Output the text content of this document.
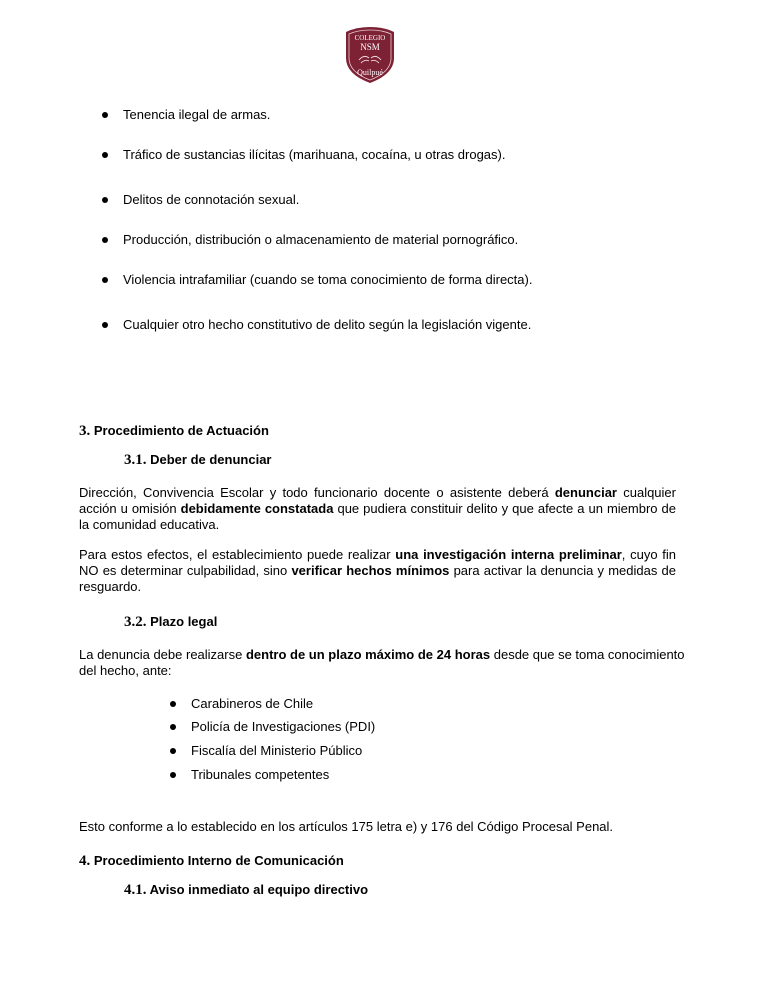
COLEGIO
NSM
Quilpué
Tenencia ilegal de armas.
Tráfico de sustancias ilícitas (marihuana, cocaína, u otras drogas).
Delitos de connotación sexual.
Producción, distribución o almacenamiento de material pornográfico.
Violencia intrafamiliar (cuando se toma conocimiento de forma directa).
Cualquier otro hecho constitutivo de delito según la legislación vigente.
3. Procedimiento de Actuación
3.1. Deber de denunciar
Dirección, Convivencia Escolar y todo funcionario docente o asistente deberá denunciar cualquier acción u omisión debidamente constatada que pudiera constituir delito y que afecte a un miembro de la comunidad educativa.
Para estos efectos, el establecimiento puede realizar una investigación interna preliminar, cuyo fin NO es determinar culpabilidad, sino verificar hechos mínimos para activar la denuncia y medidas de resguardo.
3.2. Plazo legal
La denuncia debe realizarse dentro de un plazo máximo de 24 horas desde que se toma conocimiento del hecho, ante:
Carabineros de Chile
Policía de Investigaciones (PDI)
Fiscalía del Ministerio Público
Tribunales competentes
Esto conforme a lo establecido en los artículos 175 letra e) y 176 del Código Procesal Penal.
4. Procedimiento Interno de Comunicación
4.1. Aviso inmediato al equipo directivo
